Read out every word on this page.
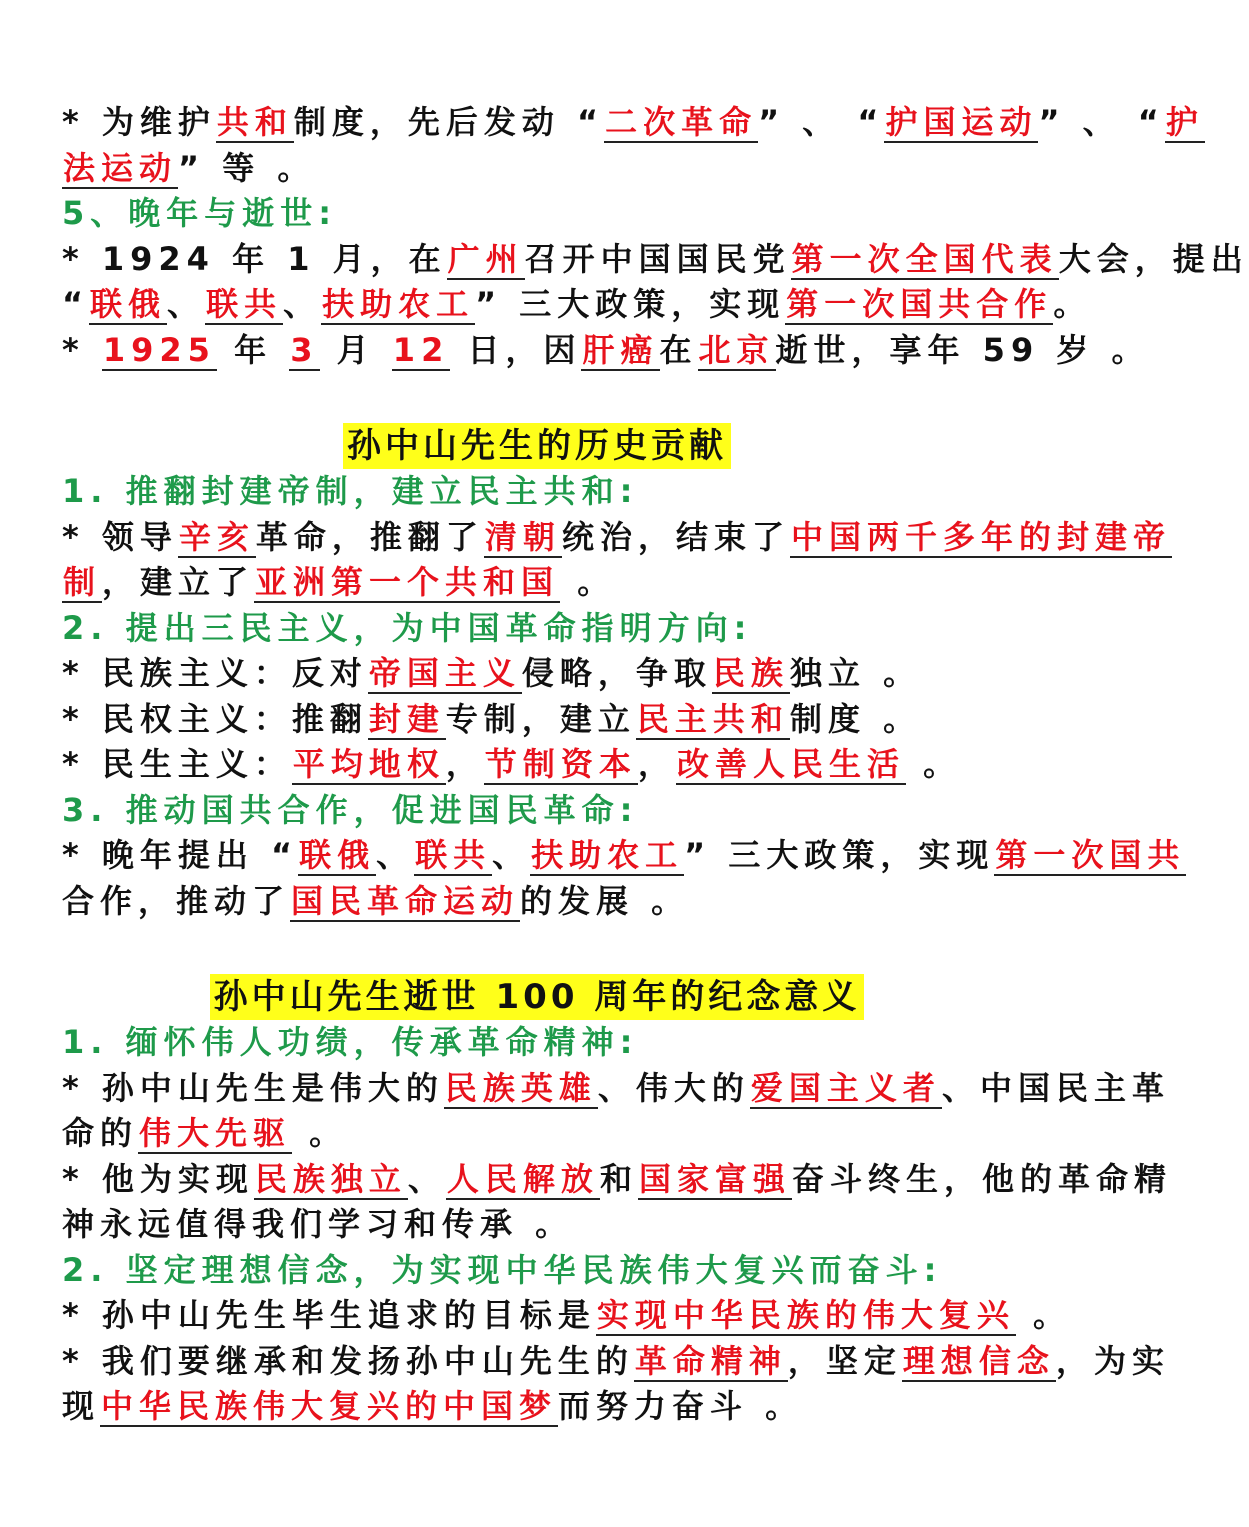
* 为维护共和制度，先后发动 “二次革命” 、 “护国运动” 、 “护
法运动” 等 。
5、晚年与逝世:
* 1924 年 1 月，在广州召开中国国民党第一次全国代表大会，提出
“联俄、联共、扶助农工” 三大政策，实现第一次国共合作。
* 1925 年 3 月 12 日，因肝癌在北京逝世，享年 59 岁 。
孙中山先生的历史贡献
1. 推翻封建帝制，建立民主共和:
* 领导辛亥革命，推翻了清朝统治，结束了中国两千多年的封建帝
制，建立了亚洲第一个共和国 。
2. 提出三民主义，为中国革命指明方向:
* 民族主义：反对帝国主义侵略，争取民族独立 。
* 民权主义：推翻封建专制，建立民主共和制度 。
* 民生主义：平均地权，节制资本，改善人民生活 。
3. 推动国共合作，促进国民革命:
* 晚年提出 “联俄、联共、扶助农工” 三大政策，实现第一次国共
合作，推动了国民革命运动的发展 。
孙中山先生逝世 100 周年的纪念意义
1. 缅怀伟人功绩，传承革命精神:
* 孙中山先生是伟大的民族英雄、伟大的爱国主义者、中国民主革
命的伟大先驱 。
* 他为实现民族独立、人民解放和国家富强奋斗终生，他的革命精
神永远值得我们学习和传承 。
2. 坚定理想信念，为实现中华民族伟大复兴而奋斗:
* 孙中山先生毕生追求的目标是实现中华民族的伟大复兴 。
* 我们要继承和发扬孙中山先生的革命精神，坚定理想信念，为实
现中华民族伟大复兴的中国梦而努力奋斗 。
